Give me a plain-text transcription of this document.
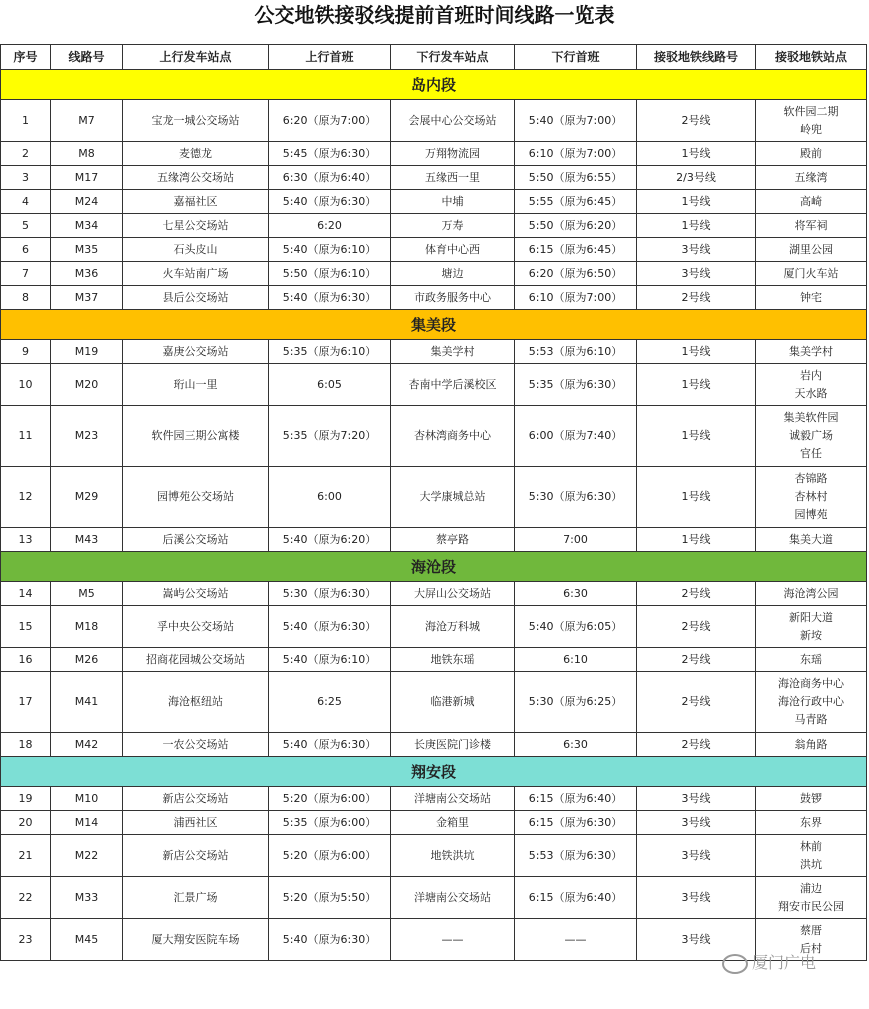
公交地铁接驳线提前首班时间线路一览表
序号	线路号	上行发车站点	上行首班	下行发车站点	下行首班	接驳地铁线路号	接驳地铁站点
岛内段							
1	M7	宝龙一城公交场站	6:20（原为7:00）	会展中心公交场站	5:40（原为7:00）	2号线	软件园二期
岭兜

2	M8	麦德龙	5:45（原为6:30）	万翔物流园	6:10（原为7:00）	1号线	殿前

3	M17	五缘湾公交场站	6:30（原为6:40）	五缘西一里	5:50（原为6:55）	2/3号线	五缘湾

4	M24	嘉福社区	5:40（原为6:30）	中埔	5:55（原为6:45）	1号线	高崎

5	M34	七星公交场站	6:20	万寿	5:50（原为6:20）	1号线	将军祠

6	M35	石头皮山	5:40（原为6:10）	体育中心西	6:15（原为6:45）	3号线	湖里公园

7	M36	火车站南广场	5:50（原为6:10）	塘边	6:20（原为6:50）	3号线	厦门火车站

8	M37	县后公交场站	5:40（原为6:30）	市政务服务中心	6:10（原为7:00）	2号线	钟宅

集美段							
9	M19	嘉庚公交场站	5:35（原为6:10）	集美学村	5:53（原为6:10）	1号线	集美学村

10	M20	珩山一里	6:05	杏南中学后溪校区	5:35（原为6:30）	1号线	岩内
天水路

11	M23	软件园三期公寓楼	5:35（原为7:20）	杏林湾商务中心	6:00（原为7:40）	1号线	集美软件园
诚毅广场
官任

12	M29	园博苑公交场站	6:00	大学康城总站	5:30（原为6:30）	1号线	杏锦路
杏林村
园博苑

13	M43	后溪公交场站	5:40（原为6:20）	蔡亭路	7:00	1号线	集美大道

海沧段							
14	M5	嵩屿公交场站	5:30（原为6:30）	大屏山公交场站	6:30	2号线	海沧湾公园

15	M18	孚中央公交场站	5:40（原为6:30）	海沧万科城	5:40（原为6:05）	2号线	新阳大道
新垵

16	M26	招商花园城公交场站	5:40（原为6:10）	地铁东瑶	6:10	2号线	东瑶

17	M41	海沧枢纽站	6:25	临港新城	5:30（原为6:25）	2号线	海沧商务中心
海沧行政中心
马青路

18	M42	一农公交场站	5:40（原为6:30）	长庚医院门诊楼	6:30	2号线	翁角路

翔安段							
19	M10	新店公交场站	5:20（原为6:00）	洋塘南公交场站	6:15（原为6:40）	3号线	鼓锣

20	M14	浦西社区	5:35（原为6:00）	金箱里	6:15（原为6:30）	3号线	东界

21	M22	新店公交场站	5:20（原为6:00）	地铁洪坑	5:53（原为6:30）	3号线	林前
洪坑

22	M33	汇景广场	5:20（原为5:50）	洋塘南公交场站	6:15（原为6:40）	3号线	浦边
翔安市民公园

23	M45	厦大翔安医院车场	5:40（原为6:30）	——	——	3号线	蔡厝
后村
厦门广电
